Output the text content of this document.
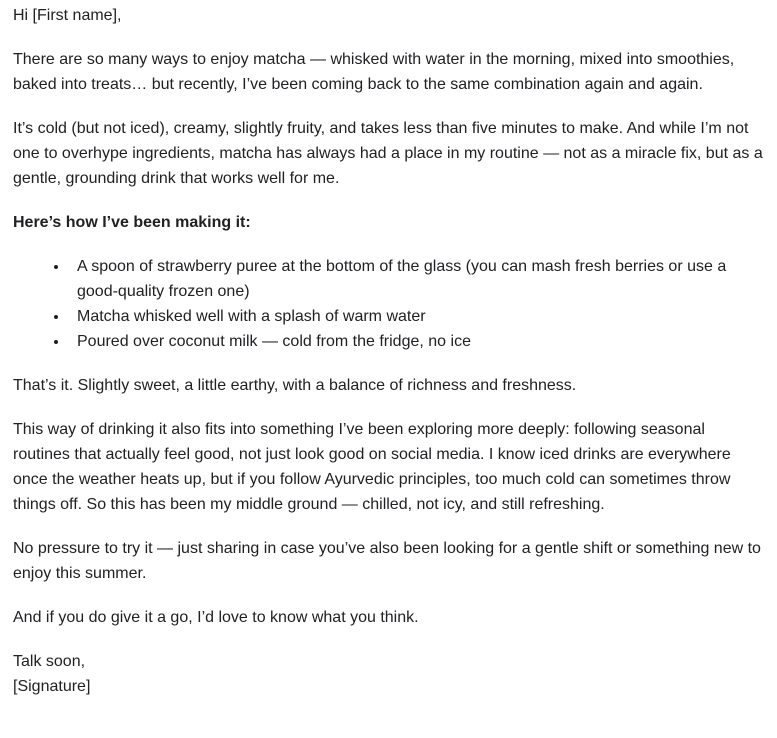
Hi [First name],

There are so many ways to enjoy matcha — whisked with water in the morning, mixed into smoothies, baked into treats… but recently, I’ve been coming back to the same combination again and again.

It’s cold (but not iced), creamy, slightly fruity, and takes less than five minutes to make. And while I’m not one to overhype ingredients, matcha has always had a place in my routine — not as a miracle fix, but as a gentle, grounding drink that works well for me.

Here’s how I’ve been making it:

• A spoon of strawberry puree at the bottom of the glass (you can mash fresh berries or use a good-quality frozen one)
• Matcha whisked well with a splash of warm water
• Poured over coconut milk — cold from the fridge, no ice

That’s it. Slightly sweet, a little earthy, with a balance of richness and freshness.

This way of drinking it also fits into something I’ve been exploring more deeply: following seasonal routines that actually feel good, not just look good on social media. I know iced drinks are everywhere once the weather heats up, but if you follow Ayurvedic principles, too much cold can sometimes throw things off. So this has been my middle ground — chilled, not icy, and still refreshing.

No pressure to try it — just sharing in case you’ve also been looking for a gentle shift or something new to enjoy this summer.

And if you do give it a go, I’d love to know what you think.

Talk soon,
[Signature]
